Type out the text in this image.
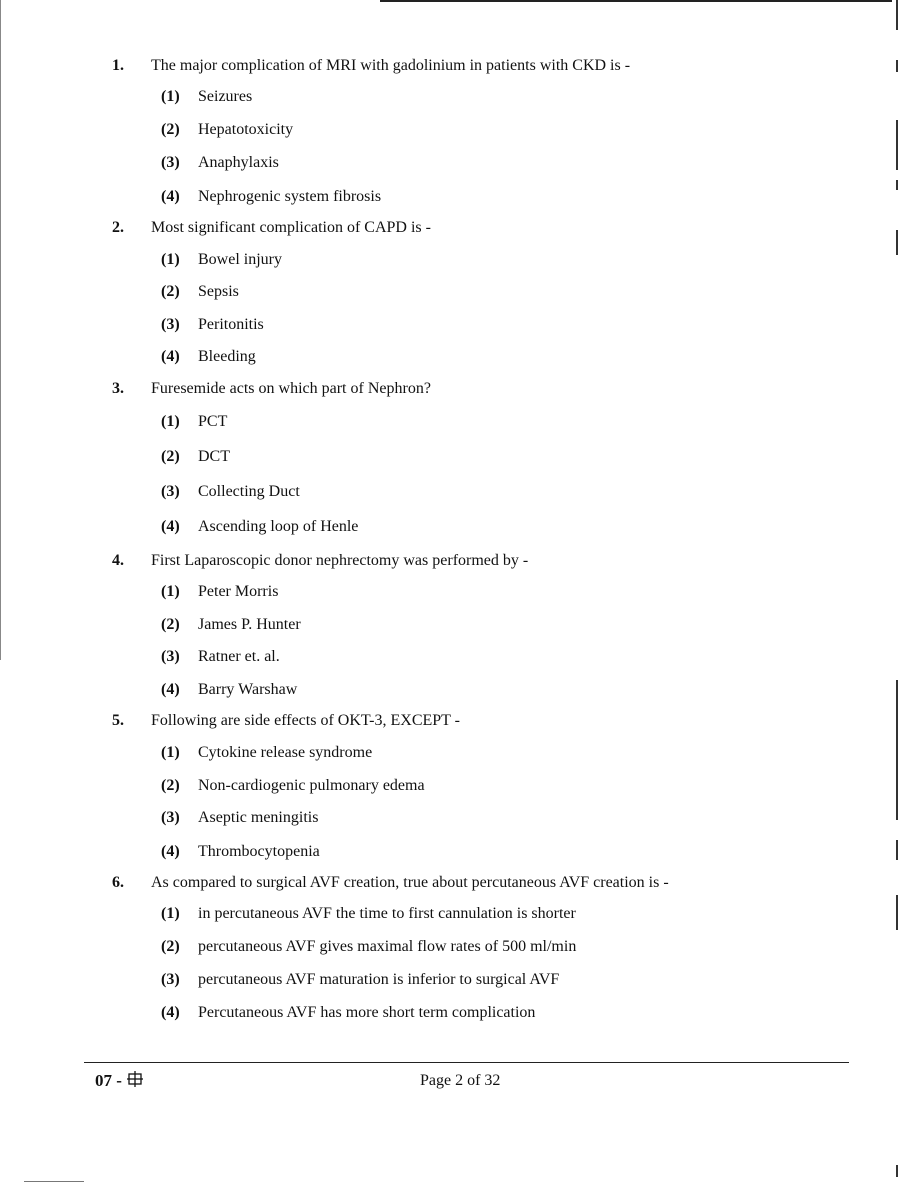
1.	The major complication of MRI with gadolinium in patients with CKD is -
(1) Seizures
(2) Hepatotoxicity
(3) Anaphylaxis
(4) Nephrogenic system fibrosis
2.	Most significant complication of CAPD is -
(1) Bowel injury
(2) Sepsis
(3) Peritonitis
(4) Bleeding
3.	Furesemide acts on which part of Nephron?
(1) PCT
(2) DCT
(3) Collecting Duct
(4) Ascending loop of Henle
4.	First Laparoscopic donor nephrectomy was performed by -
(1) Peter Morris
(2) James P. Hunter
(3) Ratner et. al.
(4) Barry Warshaw
5.	Following are side effects of OKT-3, EXCEPT -
(1) Cytokine release syndrome
(2) Non-cardiogenic pulmonary edema
(3) Aseptic meningitis
(4) Thrombocytopenia
6.	As compared to surgical AVF creation, true about percutaneous AVF creation is -
(1) in percutaneous AVF the time to first cannulation is shorter
(2) percutaneous AVF gives maximal flow rates of 500 ml/min
(3) percutaneous AVF maturation is inferior to surgical AVF
(4) Percutaneous AVF has more short term complication
07 -	Page 2 of 32
